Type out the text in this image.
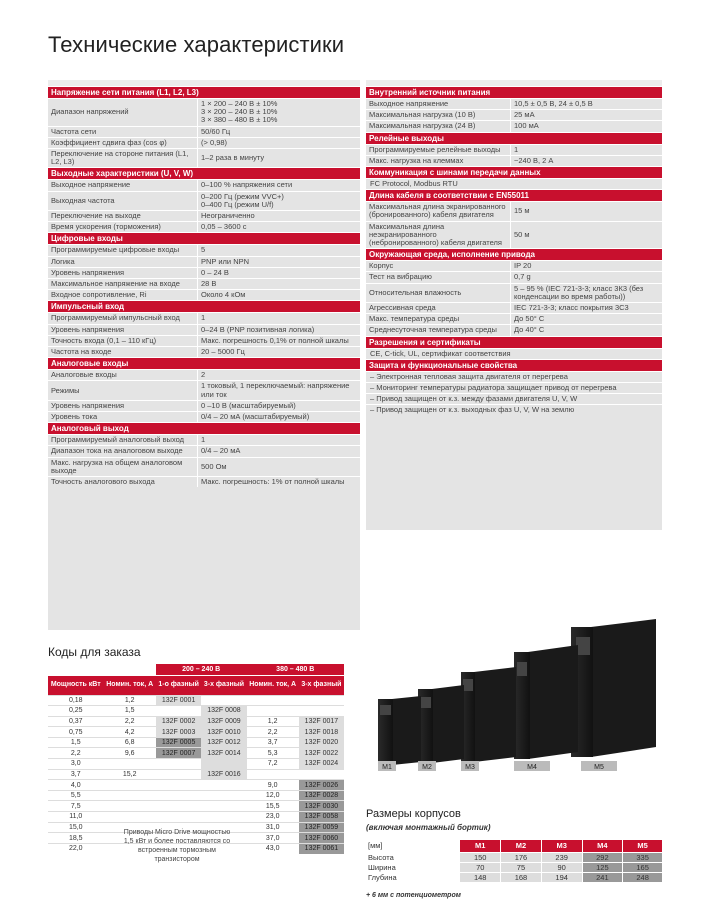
Технические характеристики
Напряжение сети питания (L1, L2, L3)
Диапазон напряжений
1 × 200 – 240 В ± 10%
3 × 200 – 240 В ± 10%
3 × 380 – 480 В ± 10%
Частота сети	50/60 Гц
Коэффициент сдвига фаз (cos φ)	(> 0,98)
Переключение на стороне питания (L1, L2, L3)	1–2 раза в минуту
Выходные характеристики (U, V, W)
Выходное напряжение	0–100 % напряжения сети
Выходная частота	0–200 Гц (режим VVC+)
0–400 Гц (режим U/f)
Переключение на выходе	Неограниченно
Время ускорения (торможения)	0,05 – 3600 с
Цифровые входы
Программируемые цифровые входы	5
Логика	PNP или NPN
Уровень напряжения	0 – 24 В
Максимальное напряжение на входе	28 В
Входное сопротивление, Ri	Около 4 кОм
Импульсный вход
Программируемый импульсный вход	1
Уровень напряжения	0–24 В (PNP позитивная логика)
Точность входа (0,1 – 110 кГц)	Макс. погрешность 0,1% от полной шкалы
Частота на входе	20 – 5000 Гц
Аналоговые входы
Аналоговые входы	2
Режимы	1 токовый, 1 переключаемый: напряжение или ток
Уровень напряжения	0 –10 В (масштабируемый)
Уровень тока	0/4 – 20 мА (масштабируемый)
Аналоговый выход
Программируемый аналоговый выход	1
Диапазон тока на аналоговом выходе	0/4 – 20 мА
Макс. нагрузка на общем аналоговом выходе	500 Ом
Точность аналогового выхода	Макс. погрешность: 1% от полной шкалы
Внутренний источник питания
Выходное напряжение	10,5 ± 0,5 В, 24 ± 0,5 В
Максимальная нагрузка (10 В)	25 мА
Максимальная нагрузка (24 В)	100 мА
Релейные выходы
Программируемые релейные выходы	1
Макс. нагрузка на клеммах	~240 В, 2 А
Коммуникация с шинами передачи данных
FC Protocol, Modbus RTU
Длина кабеля в соответствии с EN55011
Максимальная длина экранированного (бронированного) кабеля двигателя	15 м
Максимальная длина неэкранированного (небронированного) кабеля двигателя
50 м
Окружающая среда, исполнение привода
Корпус	IP 20
Тест на вибрацию	0,7 g
Относительная влажность	5 – 95 % (IEC 721-3-3; класс 3К3 (без конденсации во время работы))
Агрессивная среда	IEC 721-3-3; класс покрытия 3C3
Макс. температура среды	До 50° C
Среднесуточная температура среды	До 40° C
Разрешения и сертификаты
CE, C-tick, UL, сертификат соответствия
Защита и функциональные свойства
– Электронная тепловая защита двигателя от перегрева
– Мониторинг температуры радиатора защищает привод от перегрева
– Привод защищен от к.з. между фазами двигателя U, V, W
– Привод защищен от к.з. выходных фаз U, V, W на землю
Коды для заказа
		200 – 240 В		380 – 480 В	
Мощность кВт	Номин. ток, А	1-о фазный	3-х фазный	Номин. ток, А	3-х фазный
0,18	1,2	132F 0001			
0,25	1,5		132F 0008		
0,37	2,2	132F 0002	132F 0009	1,2	132F 0017
0,75	4,2	132F 0003	132F 0010	2,2	132F 0018
1,5	6,8	132F 0005	132F 0012	3,7	132F 0020
2,2	9,6	132F 0007	132F 0014	5,3	132F 0022
3,0				7,2	132F 0024
3,7	15,2		132F 0016		
4,0				9,0	132F 0026
5,5				12,0	132F 0028
7,5				15,5	132F 0030
11,0				23,0	132F 0058
15,0				31,0	132F 0059
18,5				37,0	132F 0060
22,0				43,0	132F 0061
Приводы Micro Drive мощностью 1,5 кВт и более поставляются со встроенным тормозным транзистором
M1	M2	M3	M4	M5
Размеры корпусов
(включая монтажный бортик)
[мм]	M1	M2	M3	M4	M5
Высота	150	176	239	292	335
Ширина	70	75	90	125	165
Глубина	148	168	194	241	248
+ 6 мм с потенциометром
